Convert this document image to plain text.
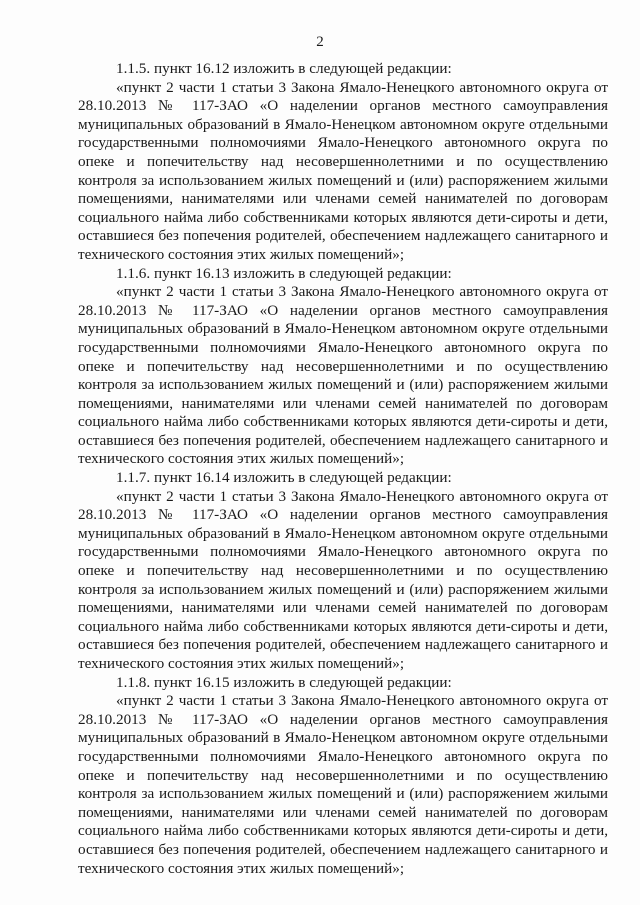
2

1.1.5. пункт 16.12 изложить в следующей редакции:

«пункт 2 части 1 статьи 3 Закона Ямало-Ненецкого автономного округа от 28.10.2013 № 117-ЗАО «О наделении органов местного самоуправления муниципальных образований в Ямало-Ненецком автономном округе отдельными государственными полномочиями Ямало-Ненецкого автономного округа по опеке и попечительству над несовершеннолетними и по осуществлению контроля за использованием жилых помещений и (или) распоряжением жилыми помещениями, нанимателями или членами семей нанимателей по договорам социального найма либо собственниками которых являются дети-сироты и дети, оставшиеся без попечения родителей, обеспечением надлежащего санитарного и технического состояния этих жилых помещений»;

1.1.6. пункт 16.13 изложить в следующей редакции:

«пункт 2 части 1 статьи 3 Закона Ямало-Ненецкого автономного округа от 28.10.2013 № 117-ЗАО «О наделении органов местного самоуправления муниципальных образований в Ямало-Ненецком автономном округе отдельными государственными полномочиями Ямало-Ненецкого автономного округа по опеке и попечительству над несовершеннолетними и по осуществлению контроля за использованием жилых помещений и (или) распоряжением жилыми помещениями, нанимателями или членами семей нанимателей по договорам социального найма либо собственниками которых являются дети-сироты и дети, оставшиеся без попечения родителей, обеспечением надлежащего санитарного и технического состояния этих жилых помещений»;

1.1.7. пункт 16.14 изложить в следующей редакции:

«пункт 2 части 1 статьи 3 Закона Ямало-Ненецкого автономного округа от 28.10.2013 № 117-ЗАО «О наделении органов местного самоуправления муниципальных образований в Ямало-Ненецком автономном округе отдельными государственными полномочиями Ямало-Ненецкого автономного округа по опеке и попечительству над несовершеннолетними и по осуществлению контроля за использованием жилых помещений и (или) распоряжением жилыми помещениями, нанимателями или членами семей нанимателей по договорам социального найма либо собственниками которых являются дети-сироты и дети, оставшиеся без попечения родителей, обеспечением надлежащего санитарного и технического состояния этих жилых помещений»;

1.1.8. пункт 16.15 изложить в следующей редакции:

«пункт 2 части 1 статьи 3 Закона Ямало-Ненецкого автономного округа от 28.10.2013 № 117-ЗАО «О наделении органов местного самоуправления муниципальных образований в Ямало-Ненецком автономном округе отдельными государственными полномочиями Ямало-Ненецкого автономного округа по опеке и попечительству над несовершеннолетними и по осуществлению контроля за использованием жилых помещений и (или) распоряжением жилыми помещениями, нанимателями или членами семей нанимателей по договорам социального найма либо собственниками которых являются дети-сироты и дети, оставшиеся без попечения родителей, обеспечением надлежащего санитарного и технического состояния этих жилых помещений»;
